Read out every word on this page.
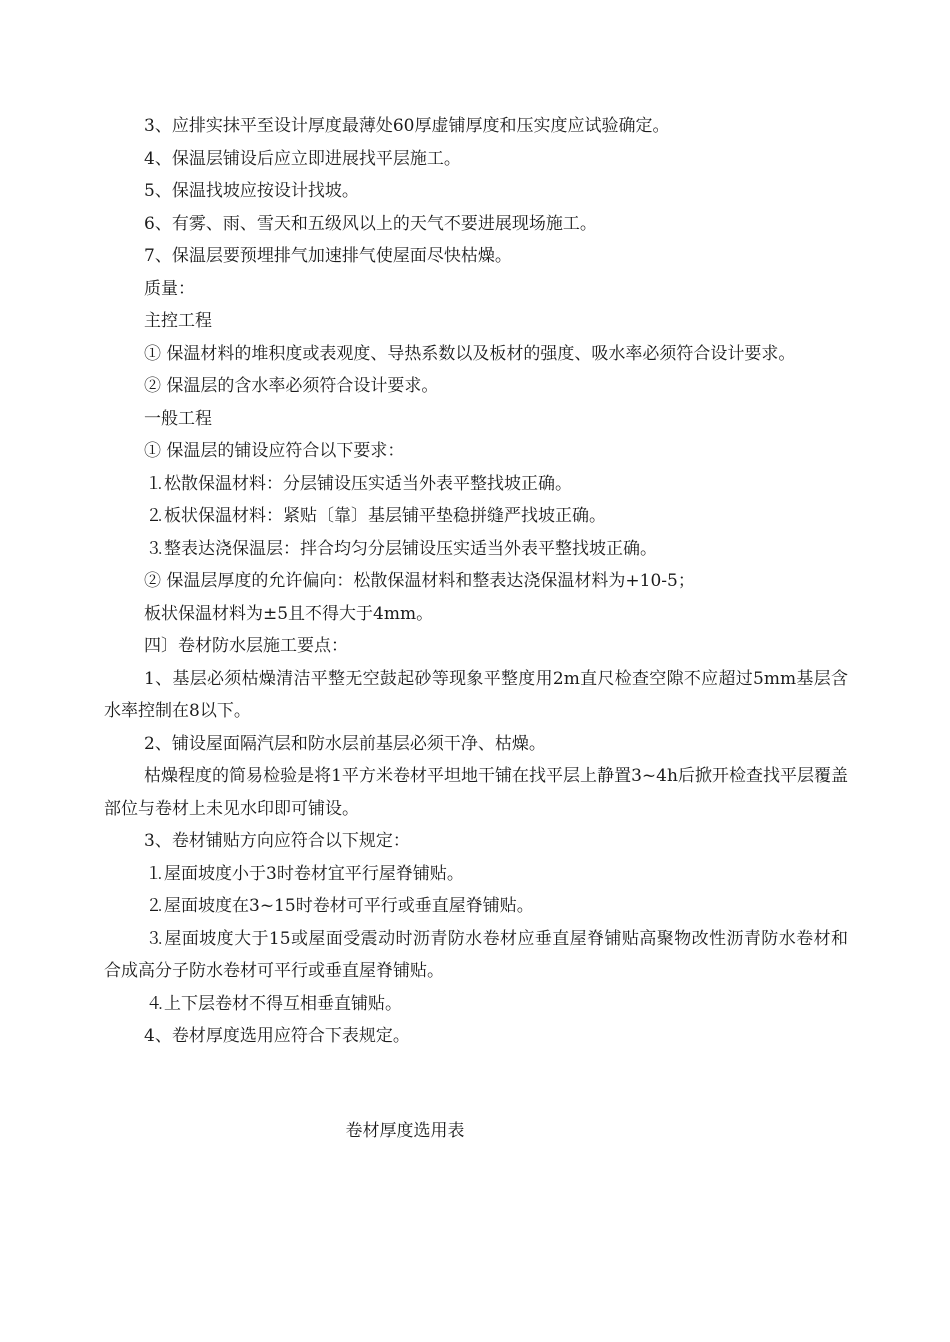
3、应排实抹平至设计厚度最薄处60厚虚铺厚度和压实度应试验确定。

4、保温层铺设后应立即进展找平层施工。

5、保温找坡应按设计找坡。

6、有雾、雨、雪天和五级风以上的天气不要进展现场施工。

7、保温层要预埋排气加速排气使屋面尽快枯燥。

质量：

主控工程

① 保温材料的堆积度或表观度、导热系数以及板材的强度、吸水率必须符合设计要求。

② 保温层的含水率必须符合设计要求。

一般工程

① 保温层的铺设应符合以下要求：

⒈松散保温材料：分层铺设压实适当外表平整找坡正确。

⒉板状保温材料：紧贴〔靠〕基层铺平垫稳拼缝严找坡正确。

⒊整表达浇保温层：拌合均匀分层铺设压实适当外表平整找坡正确。

② 保温层厚度的允许偏向：松散保温材料和整表达浇保温材料为+10-5；

板状保温材料为±5且不得大于4mm。

四〕卷材防水层施工要点：

1、基层必须枯燥清洁平整无空鼓起砂等现象平整度用2m直尺检查空隙不应超过5mm基层含水率控制在8以下。

2、铺设屋面隔汽层和防水层前基层必须干净、枯燥。

枯燥程度的简易检验是将1平方米卷材平坦地干铺在找平层上静置3~4h后掀开检查找平层覆盖部位与卷材上未见水印即可铺设。

3、卷材铺贴方向应符合以下规定：

⒈屋面坡度小于3时卷材宜平行屋脊铺贴。

⒉屋面坡度在3~15时卷材可平行或垂直屋脊铺贴。

⒊屋面坡度大于15或屋面受震动时沥青防水卷材应垂直屋脊铺贴高聚物改性沥青防水卷材和合成高分子防水卷材可平行或垂直屋脊铺贴。

⒋上下层卷材不得互相垂直铺贴。

4、卷材厚度选用应符合下表规定。

卷材厚度选用表
